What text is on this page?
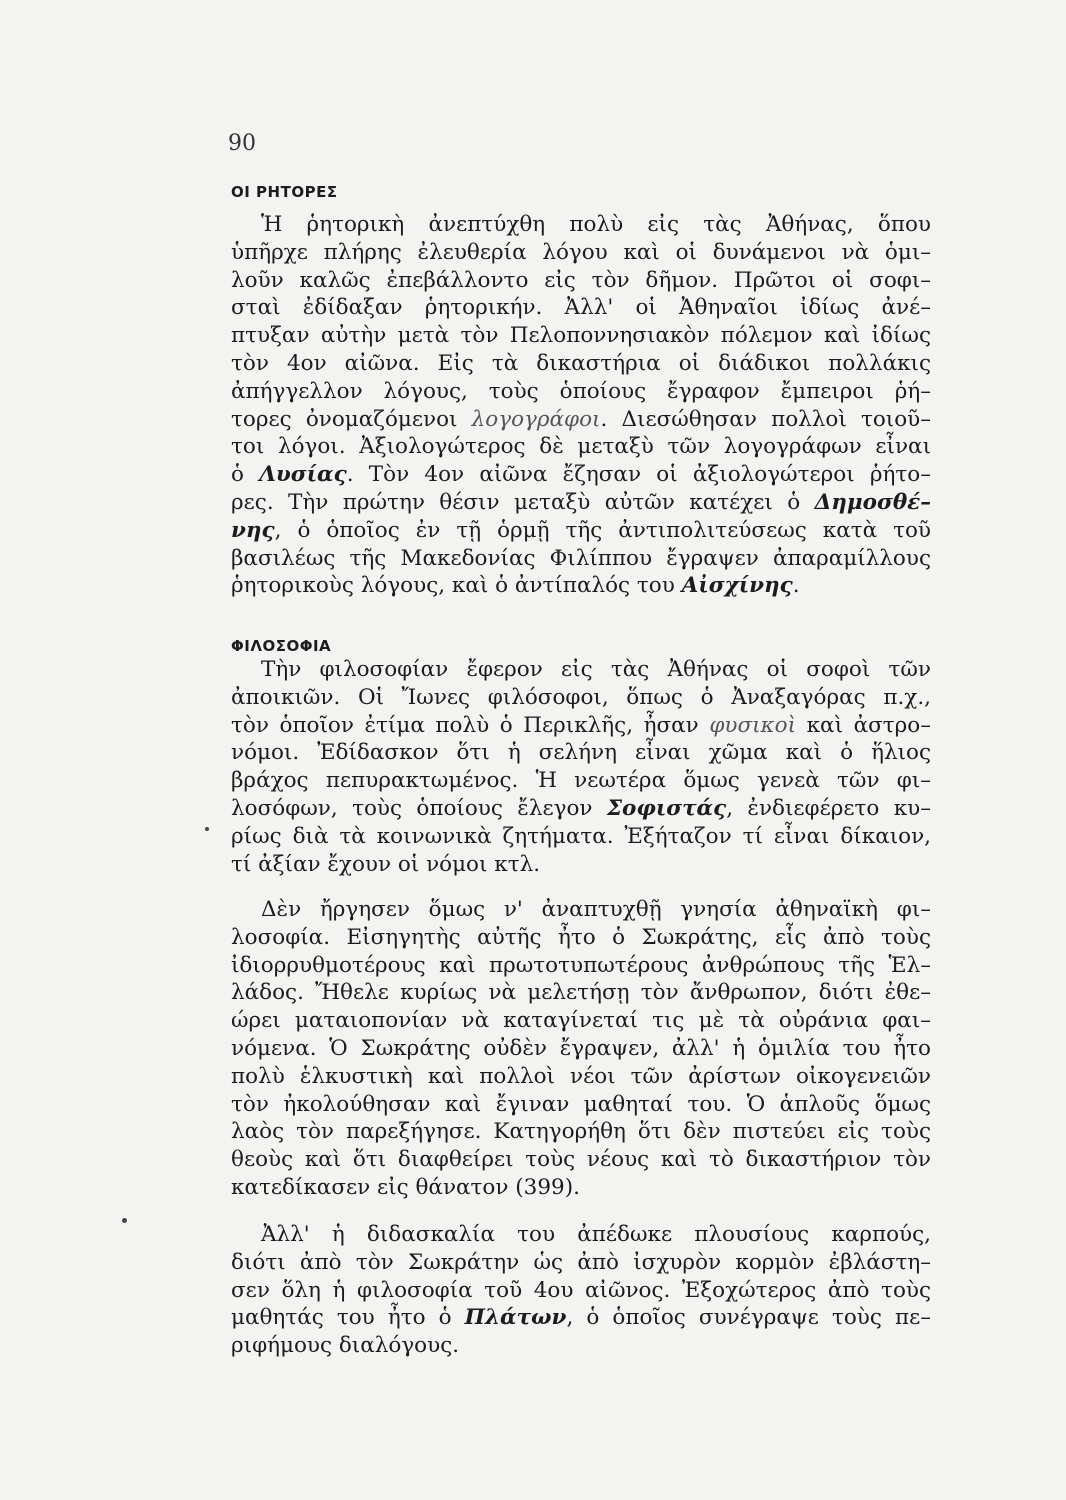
90
ΟΙ ΡΗΤΟΡΕΣ
Ἡ ῥητορικὴ ἀνεπτύχθη πολὺ εἰς τὰς Ἀθήνας, ὅπου
ὑπῆρχε πλήρης ἐλευθερία λόγου καὶ οἱ δυνάμενοι νὰ ὁμι–
λοῦν καλῶς ἐπεβάλλοντο εἰς τὸν δῆμον. Πρῶτοι οἱ σοφι–
σταὶ ἐδίδαξαν ῥητορικήν. Ἀλλ' οἱ Ἀθηναῖοι ἰδίως ἀνέ–
πτυξαν αὐτὴν μετὰ τὸν Πελοποννησιακὸν πόλεμον καὶ ἰδίως
τὸν 4ον αἰῶνα. Εἰς τὰ δικαστήρια οἱ διάδικοι πολλάκις
ἀπήγγελλον λόγους, τοὺς ὁποίους ἔγραφον ἔμπειροι ῥή–
τορες ὀνομαζόμενοι λογογράφοι. Διεσώθησαν πολλοὶ τοιοῦ–
τοι λόγοι. Ἀξιολογώτερος δὲ μεταξὺ τῶν λογογράφων εἶναι
ὁ Λυσίας. Τὸν 4ον αἰῶνα ἔζησαν οἱ ἀξιολογώτεροι ῥήτο–
ρες. Τὴν πρώτην θέσιν μεταξὺ αὐτῶν κατέχει ὁ Δημοσθέ–
νης, ὁ ὁποῖος ἐν τῇ ὁρμῇ τῆς ἀντιπολιτεύσεως κατὰ τοῦ
βασιλέως τῆς Μακεδονίας Φιλίππου ἔγραψεν ἀπαραμίλλους
ῥητορικοὺς λόγους, καὶ ὁ ἀντίπαλός του Αἰσχίνης.
ΦΙΛΟΣΟΦΙΑ
Τὴν φιλοσοφίαν ἔφερον εἰς τὰς Ἀθήνας οἱ σοφοὶ τῶν
ἀποικιῶν. Οἱ Ἴωνες φιλόσοφοι, ὅπως ὁ Ἀναξαγόρας π.χ.,
τὸν ὁποῖον ἐτίμα πολὺ ὁ Περικλῆς, ἦσαν φυσικοὶ καὶ ἀστρο–
νόμοι. Ἐδίδασκον ὅτι ἡ σελήνη εἶναι χῶμα καὶ ὁ ἥλιος
βράχος πεπυρακτωμένος. Ἡ νεωτέρα ὅμως γενεὰ τῶν φι–
λοσόφων, τοὺς ὁποίους ἔλεγον Σοφιστάς, ἐνδιεφέρετο κυ–
ρίως διὰ τὰ κοινωνικὰ ζητήματα. Ἐξήταζον τί εἶναι δίκαιον,
τί ἀξίαν ἔχουν οἱ νόμοι κτλ.
Δὲν ἤργησεν ὅμως ν' ἀναπτυχθῇ γνησία ἀθηναϊκὴ φι–
λοσοφία. Εἰσηγητὴς αὐτῆς ἦτο ὁ Σωκράτης, εἷς ἀπὸ τοὺς
ἰδιορρυθμοτέρους καὶ πρωτοτυπωτέρους ἀνθρώπους τῆς Ἑλ–
λάδος. Ἤθελε κυρίως νὰ μελετήσῃ τὸν ἄνθρωπον, διότι ἐθε–
ώρει ματαιοπονίαν νὰ καταγίνεταί τις μὲ τὰ οὐράνια φαι–
νόμενα. Ὁ Σωκράτης οὐδὲν ἔγραψεν, ἀλλ' ἡ ὁμιλία του ἦτο
πολὺ ἑλκυστικὴ καὶ πολλοὶ νέοι τῶν ἀρίστων οἰκογενειῶν
τὸν ἠκολούθησαν καὶ ἔγιναν μαθηταί του. Ὁ ἁπλοῦς ὅμως
λαὸς τὸν παρεξήγησε. Κατηγορήθη ὅτι δὲν πιστεύει εἰς τοὺς
θεοὺς καὶ ὅτι διαφθείρει τοὺς νέους καὶ τὸ δικαστήριον τὸν
κατεδίκασεν εἰς θάνατον (399).
Ἀλλ' ἡ διδασκαλία του ἀπέδωκε πλουσίους καρπούς,
διότι ἀπὸ τὸν Σωκράτην ὡς ἀπὸ ἰσχυρὸν κορμὸν ἐβλάστη–
σεν ὅλη ἡ φιλοσοφία τοῦ 4ου αἰῶνος. Ἐξοχώτερος ἀπὸ τοὺς
μαθητάς του ἦτο ὁ Πλάτων, ὁ ὁποῖος συνέγραψε τοὺς πε–
ριφήμους διαλόγους.
